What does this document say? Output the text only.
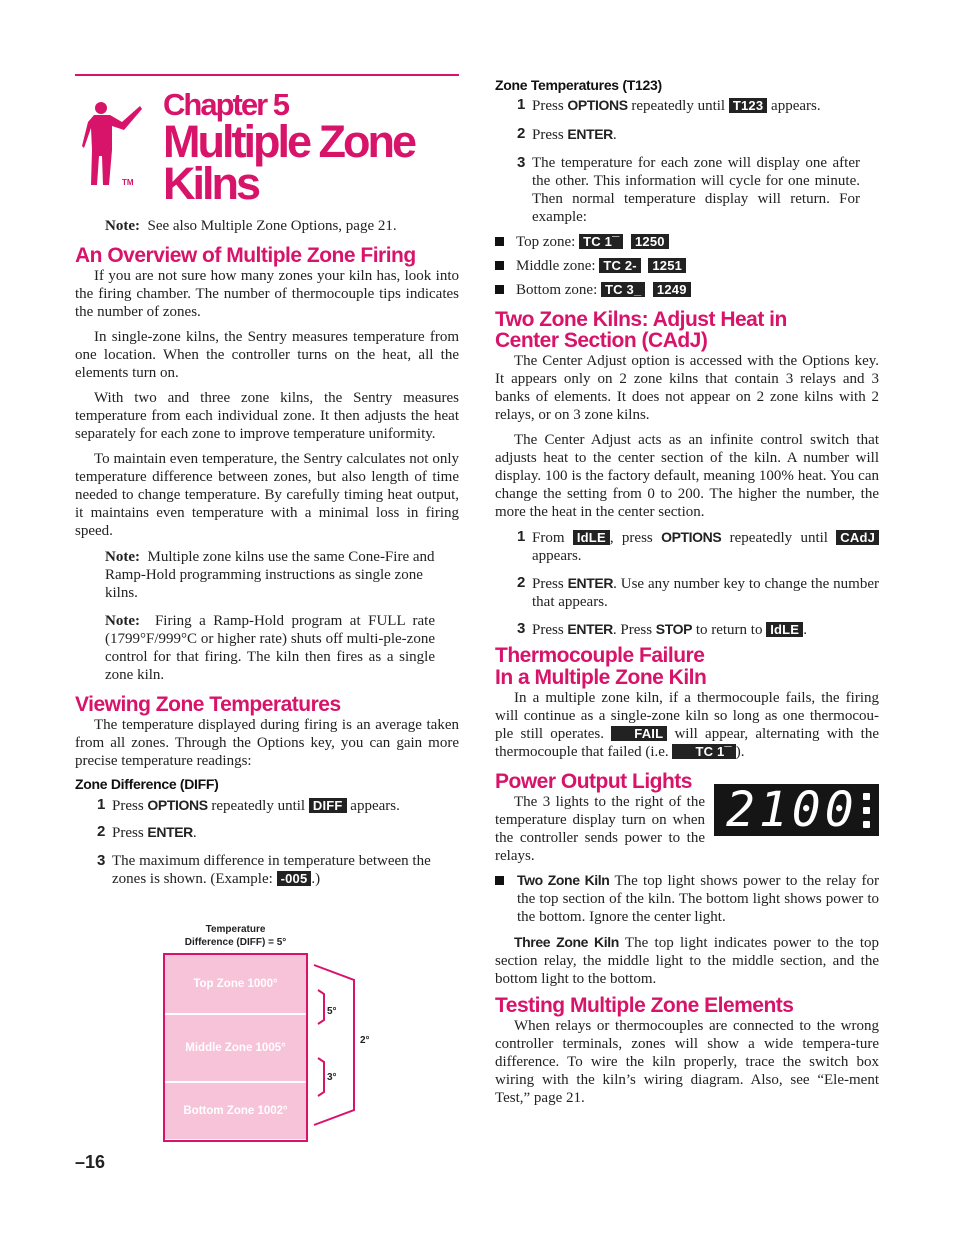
TM
Chapter 5
Multiple Zone
Kilns
Note: See also Multiple Zone Options, page 21.
An Overview of Multiple Zone Firing

If you are not sure how many zones your kiln has, look into the firing chamber. The number of thermocouple tips indicates the number of zones.

In single-zone kilns, the Sentry measures temperature from one location. When the controller turns on the heat, all the elements turn on.

With two and three zone kilns, the Sentry measures temperature from each individual zone. It then adjusts the heat separately for each zone to improve temperature uniformity.

To maintain even temperature, the Sentry calculates not only temperature difference between zones, but also length of time needed to change temperature. By carefully timing heat output, it maintains even temperature with a minimal loss in firing speed.

Note: Multiple zone kilns use the same Cone-Fire and Ramp-Hold programming instructions as single zone kilns.

Note: Firing a Ramp-Hold program at FULL rate (1799°F/999°C or higher rate) shuts off multi-ple-zone control for that firing. The kiln then fires as a single zone kiln.

Viewing Zone Temperatures

The temperature displayed during firing is an average taken from all zones. Through the Options key, you can gain more precise temperature readings:

Zone Difference (DIFF)
1 Press OPTIONS repeatedly until DIFF appears.
2 Press ENTER.
3 The maximum difference in temperature between the zones is shown. (Example: -005 .)
Temperature
Difference (DIFF) = 5°
Top Zone 1000°
Middle Zone 1005°
Bottom Zone 1002°
5°
3°
2°
–16
Zone Temperatures (T123)
1 Press OPTIONS repeatedly until T123 appears.
2 Press ENTER.
3 The temperature for each zone will display one after the other. This information will cycle for one minute. Then normal temperature display will return. For example:
Top zone: TC 1¯ 1250
Middle zone: TC 2- 1251
Bottom zone: TC 3_ 1249
Two Zone Kilns: Adjust Heat in
Center Section (CAdJ)

The Center Adjust option is accessed with the Options key. It appears only on 2 zone kilns that contain 3 relays and 3 banks of elements. It does not appear on 2 zone kilns with 2 relays, or on 3 zone kilns.

The Center Adjust acts as an infinite control switch that adjusts heat to the center section of the kiln. A number will display. 100 is the factory default, meaning 100% heat. You can change the setting from 0 to 200. The higher the number, the more the heat in the center section.

1 From IdLE , press OPTIONS repeatedly until CAdJ appears.
2 Press ENTER. Use any number key to change the number that appears.
3 Press ENTER. Press STOP to return to IdLE .
Thermocouple Failure
In a Multiple Zone Kiln

In a multiple zone kiln, if a thermocouple fails, the firing will continue as a single-zone kiln so long as one thermocou-ple still operates. FAIL will appear, alternating with the thermocouple that failed (i.e. TC 1¯ ).

Power Output Lights

The 3 lights to the right of the temperature display turn on when the controller sends power to the relays.

2100

Two Zone Kiln The top light shows power to the relay for the top section of the kiln. The bottom light shows power to the bottom. Ignore the center light.

Three Zone Kiln The top light indicates power to the top section relay, the middle light to the middle section, and the bottom light to the bottom.

Testing Multiple Zone Elements

When relays or thermocouples are connected to the wrong controller terminals, zones will show a wide tempera-ture difference. To wire the kiln properly, trace the switch box wiring with the kiln’s wiring diagram. Also, see “Ele-ment Test,” page 21.
